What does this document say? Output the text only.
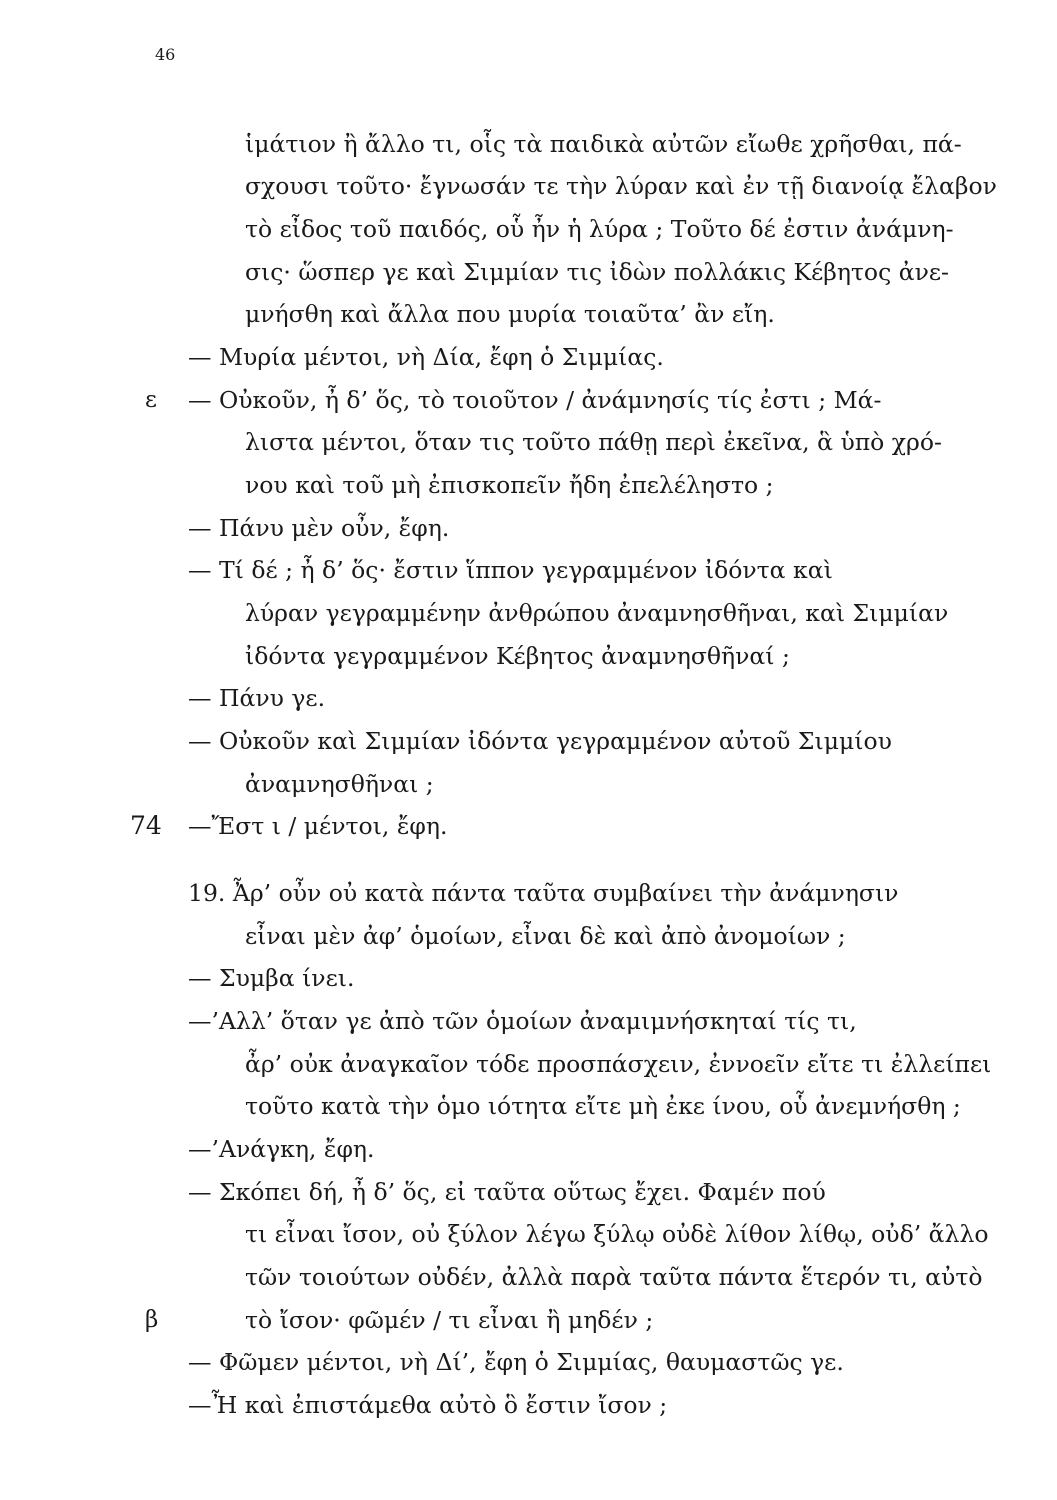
46
ἱμάτιον ἢ ἄλλο τι, οἷς τὰ παιδικὰ αὐτῶν εἴωθε χρῆσθαι, πά-
σχουσι τοῦτο· ἔγνωσάν τε τὴν λύραν καὶ ἐν τῇ διανοίᾳ ἔλαβον
τὸ εἶδος τοῦ παιδός, οὗ ἦν ἡ λύρα ; Τοῦτο δέ ἐστιν ἀνάμνη-
σις· ὥσπερ γε καὶ Σιμμίαν τις ἰδὼν πολλάκις Κέβητος ἀνε-
μνήσθη καὶ ἄλλα που μυρία τοιαῦτα’ ἂν εἴη.
— Μυρία μέντοι, νὴ Δία, ἔφη ὁ Σιμμίας.
ε — Οὐκοῦν, ἦ δ’ ὅς, τὸ τοιοῦτον / ἀνάμνησίς τίς ἐστι ; Μά-
λιστα μέντοι, ὅταν τις τοῦτο πάθῃ περὶ ἐκεῖνα, ἃ ὑπὸ χρό-
νου καὶ τοῦ μὴ ἐπισκοπεῖν ἤδη ἐπελέλησто ;
— Πάνυ μὲν οὖν, ἔφη.
— Τί δέ ; ἦ δ’ ὅς· ἔστιν ἵππον γεγραμμένον ἰδόντα καὶ
λύραν γεγραμμένην ἀνθρώπου ἀναμνησθῆναι, καὶ Σιμμίαν
ἰδόντα γεγραμμένον Κέβητος ἀναμνησθῆναί ;
— Πάνυ γε.
— Οὐκοῦν καὶ Σιμμίαν ἰδόντα γεγραμμένον αὐτοῦ Σιμμίου
ἀναμνησθῆναι ;
74 —Ἔστ ι / μέντοι, ἔφη.
19. Ἆρ’ οὖν οὐ κατὰ πάντα ταῦτα συμβαίνει τὴν ἀνάμνησιν
εἶναι μὲν ἀφ’ ὁμοίων, εἶναι δὲ καὶ ἀπὸ ἀνομοίων ;
— Συμβα ίνει.
—’Αλλ’ ὅταν γε ἀπὸ τῶν ὁμοίων ἀναμιμνήσκηταί τίς τι,
ἆρ’ οὐκ ἀναγκαῖον τόδε προσπάσχειν, ἐννοεῖν εἴτε τι ἐλλείπει
τοῦτο κατὰ τὴν ὁμο ιότητα εἴτε μὴ ἐκε ίνου, οὗ ἀνεμνήσθη ;
—’Ανάγκη, ἔφη.
— Σκόπει δή, ἦ δ’ ὅς, εἰ ταῦτα οὕτως ἔχει. Φαμέν πού
τι εἶναι ἴσον, οὐ ξύλον λέγω ξύλῳ οὐδὲ λίθον λίθῳ, οὐδ’ ἄλλο
τῶν τοιούτων οὐδέν, ἀλλὰ παρὰ ταῦτα πάντα ἕτερόν τι, αὐτὸ
β	τὸ ἴσον· φῶμέν / τι εἶναι ἢ μηδέν ;
— Φῶμεν μέντοι, νὴ Δί’, ἔφη ὁ Σιμμίας, θαυμαστῶς γε.
—Ἦ καὶ ἐπιστάμεθα αὐτὸ ὃ ἔστιν ἴσον ;
